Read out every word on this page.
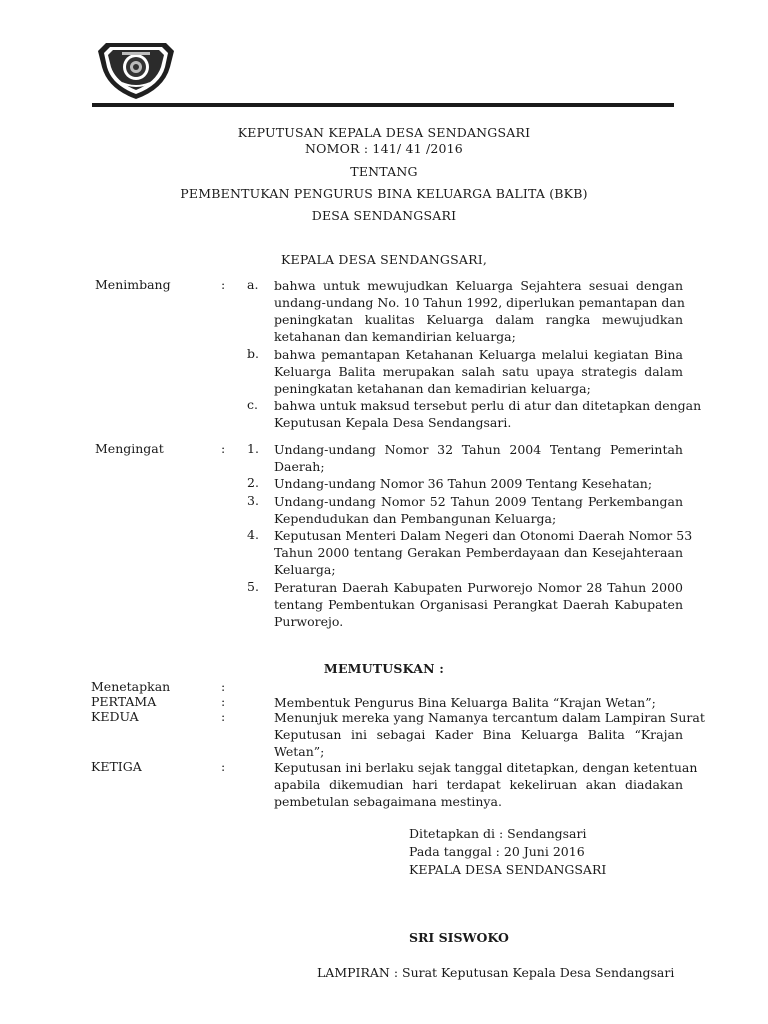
KEPUTUSAN KEPALA DESA SENDANGSARI
NOMOR : 141/ 41 /2016
TENTANG
PEMBENTUKAN PENGURUS BINA KELUARGA BALITA (BKB)
DESA SENDANGSARI
KEPALA DESA SENDANGSARI,
Menimbang	: a.	bahwa untuk mewujudkan Keluarga Sejahtera sesuai dengan
undang-undang No. 10 Tahun 1992, diperlukan pemantapan dan
peningkatan kualitas Keluarga dalam rangka mewujudkan
ketahanan dan kemandirian keluarga;
b.	bahwa pemantapan Ketahanan Keluarga melalui kegiatan Bina
Keluarga Balita merupakan salah satu upaya strategis dalam
peningkatan ketahanan dan kemadirian keluarga;
c.	bahwa untuk maksud tersebut perlu di atur dan ditetapkan dengan
Keputusan Kepala Desa Sendangsari.
Mengingat	: 1.	Undang-undang Nomor 32 Tahun 2004 Tentang Pemerintah
Daerah;
2.	Undang-undang Nomor 36 Tahun 2009 Tentang Kesehatan;
3.	Undang-undang Nomor 52 Tahun 2009 Tentang Perkembangan
Kependudukan dan Pembangunan Keluarga;
4.	Keputusan Menteri Dalam Negeri dan Otonomi Daerah Nomor 53
Tahun 2000 tentang Gerakan Pemberdayaan dan Kesejahteraan
Keluarga;
5.	Peraturan Daerah Kabupaten Purworejo Nomor 28 Tahun 2000
tentang Pembentukan Organisasi Perangkat Daerah Kabupaten
Purworejo.
MEMUTUSKAN :
Menetapkan	:
PERTAMA	:	Membentuk Pengurus Bina Keluarga Balita “Krajan Wetan”;
KEDUA	:	Menunjuk mereka yang Namanya tercantum dalam Lampiran Surat
Keputusan ini sebagai Kader Bina Keluarga Balita “Krajan
Wetan”;
KETIGA	:	Keputusan ini berlaku sejak tanggal ditetapkan, dengan ketentuan
apabila dikemudian hari terdapat kekeliruan akan diadakan
pembetulan sebagaimana mestinya.
Ditetapkan di : Sendangsari
Pada tanggal : 20 Juni 2016
KEPALA DESA SENDANGSARI
SRI SISWOKO
LAMPIRAN : Surat Keputusan Kepala Desa Sendangsari
